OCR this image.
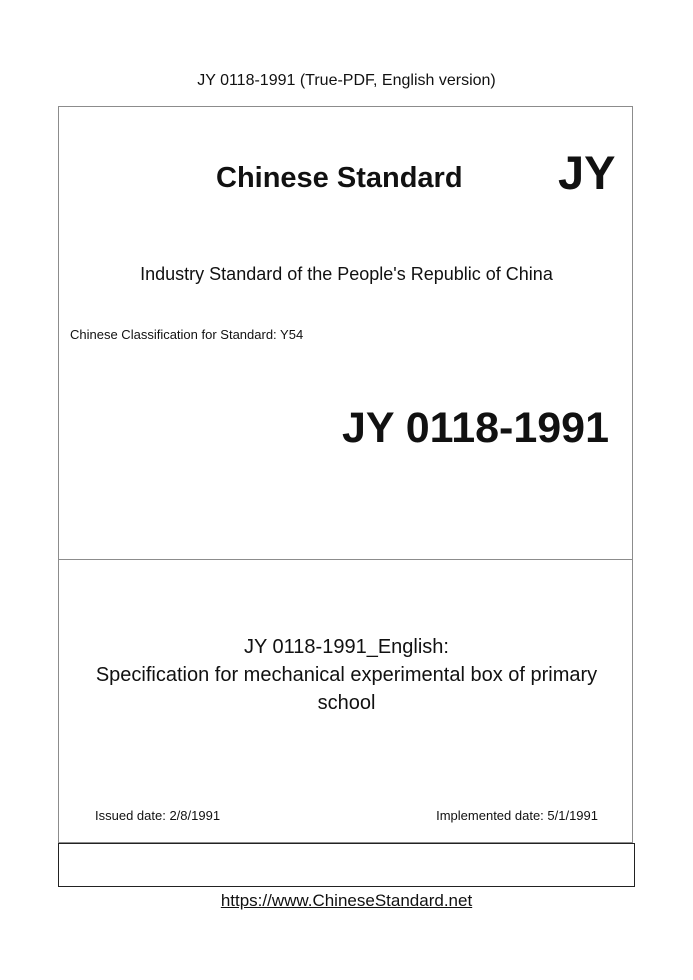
JY 0118-1991 (True-PDF, English version)
Chinese Standard JY
Industry Standard of the People's Republic of China
Chinese Classification for Standard: Y54
JY 0118-1991
JY 0118-1991_English:
Specification for mechanical experimental box of primary school
Issued date: 2/8/1991	Implemented date: 5/1/1991
https://www.ChineseStandard.net
